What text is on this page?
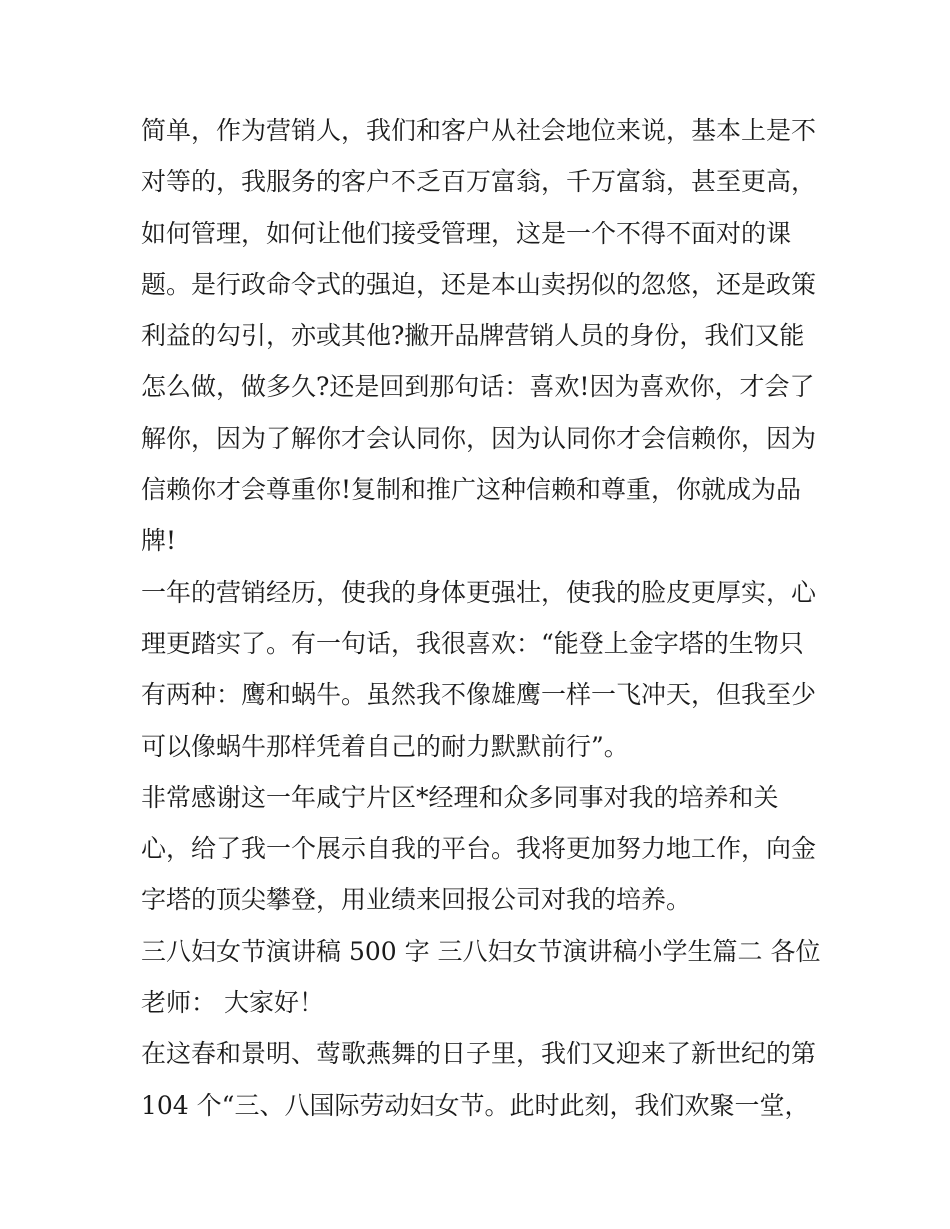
简单，作为营销人，我们和客户从社会地位来说，基本上是不
对等的，我服务的客户不乏百万富翁，千万富翁，甚至更高，
如何管理，如何让他们接受管理，这是一个不得不面对的课
题。是行政命令式的强迫，还是本山卖拐似的忽悠，还是政策
利益的勾引，亦或其他?撇开品牌营销人员的身份，我们又能
怎么做，做多久?还是回到那句话：喜欢!因为喜欢你，才会了
解你，因为了解你才会认同你，因为认同你才会信赖你，因为
信赖你才会尊重你!复制和推广这种信赖和尊重，你就成为品
牌!
一年的营销经历，使我的身体更强壮，使我的脸皮更厚实，心
理更踏实了。有一句话，我很喜欢：“能登上金字塔的生物只
有两种：鹰和蜗牛。虽然我不像雄鹰一样一飞冲天，但我至少
可以像蜗牛那样凭着自己的耐力默默前行”。
非常感谢这一年咸宁片区*经理和众多同事对我的培养和关
心，给了我一个展示自我的平台。我将更加努力地工作，向金
字塔的顶尖攀登，用业绩来回报公司对我的培养。
三八妇女节演讲稿 500 字 三八妇女节演讲稿小学生篇二 各位
老师： 大家好！
在这春和景明、莺歌燕舞的日子里，我们又迎来了新世纪的第
104 个“三、八国际劳动妇女节。此时此刻，我们欢聚一堂，
